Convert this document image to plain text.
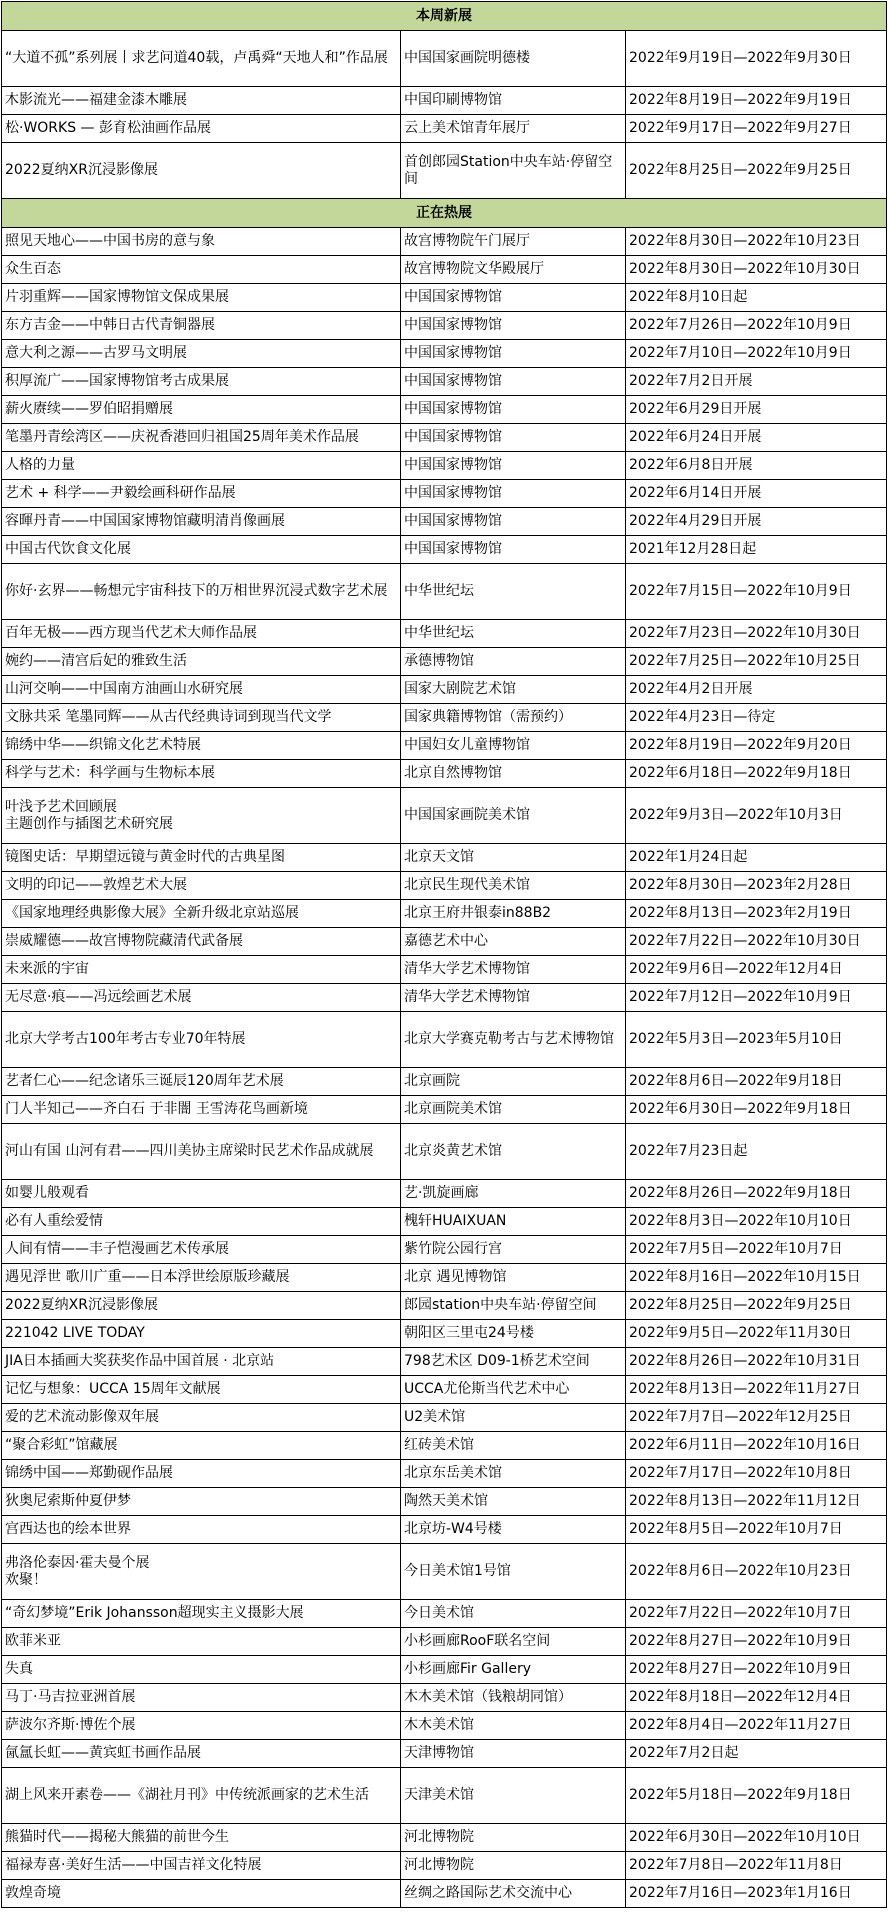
本周新展		
“大道不孤”系列展丨求艺问道40载，卢禹舜“天地人和”作品展	中国国家画院明德楼	2022年9月19日—2022年9月30日
木影流光——福建金漆木雕展	中国印刷博物馆	2022年8月19日—2022年9月19日
松·WORKS — 彭育松油画作品展	云上美术馆青年展厅	2022年9月17日—2022年9月27日
2022夏纳XR沉浸影像展	首创郎园Station中央车站·停留空间	2022年8月25日—2022年9月25日
正在热展		
照见天地心——中国书房的意与象	故宫博物院午门展厅	2022年8月30日—2022年10月23日
众生百态	故宫博物院文华殿展厅	2022年8月30日—2022年10月30日
片羽重辉——国家博物馆文保成果展	中国国家博物馆	2022年8月10日起
东方吉金——中韩日古代青铜器展	中国国家博物馆	2022年7月26日—2022年10月9日
意大利之源——古罗马文明展	中国国家博物馆	2022年7月10日—2022年10月9日
积厚流广——国家博物馆考古成果展	中国国家博物馆	2022年7月2日开展
薪火赓续——罗伯昭捐赠展	中国国家博物馆	2022年6月29日开展
笔墨丹青绘湾区——庆祝香港回归祖国25周年美术作品展	中国国家博物馆	2022年6月24日开展
人格的力量	中国国家博物馆	2022年6月8日开展
艺术 + 科学——尹毅绘画科研作品展	中国国家博物馆	2022年6月14日开展
容暉丹青——中国国家博物馆藏明清肖像画展	中国国家博物馆	2022年4月29日开展
中国古代饮食文化展	中国国家博物馆	2021年12月28日起
你好·玄界——畅想元宇宙科技下的万相世界沉浸式数字艺术展	中华世纪坛	2022年7月15日—2022年10月9日
百年无极——西方现当代艺术大师作品展	中华世纪坛	2022年7月23日—2022年10月30日
婉约——清宫后妃的雅致生活	承德博物馆	2022年7月25日—2022年10月25日
山河交响——中国南方油画山水研究展	国家大剧院艺术馆	2022年4月2日开展
文脉共采 笔墨同辉——从古代经典诗词到现当代文学	国家典籍博物馆（需预约）	2022年4月23日—待定
锦绣中华——织锦文化艺术特展	中国妇女儿童博物馆	2022年8月19日—2022年9月20日
科学与艺术：科学画与生物标本展	北京自然博物馆	2022年6月18日—2022年9月18日
叶浅予艺术回顾展
主题创作与插图艺术研究展	中国国家画院美术馆	2022年9月3日—2022年10月3日
镜图史话：早期望远镜与黄金时代的古典星图	北京天文馆	2022年1月24日起
文明的印记——敦煌艺术大展	北京民生现代美术馆	2022年8月30日—2023年2月28日
《国家地理经典影像大展》全新升级北京站巡展	北京王府井银泰in88B2	2022年8月13日—2023年2月19日
崇威耀德——故宫博物院藏清代武备展	嘉德艺术中心	2022年7月22日—2022年10月30日
未来派的宇宙	清华大学艺术博物馆	2022年9月6日—2022年12月4日
无尽意·痕——冯远绘画艺术展	清华大学艺术博物馆	2022年7月12日—2022年10月9日
北京大学考古100年考古专业70年特展	北京大学赛克勒考古与艺术博物馆	2022年5月3日—2023年5月10日
艺者仁心——纪念诸乐三诞辰120周年艺术展	北京画院	2022年8月6日—2022年9月18日
门人半知己——齐白石 于非闇 王雪涛花鸟画新境	北京画院美术馆	2022年6月30日—2022年9月18日
河山有国 山河有君——四川美协主席梁时民艺术作品成就展	北京炎黄艺术馆	2022年7月23日起
如婴儿般观看	艺·凯旋画廊	2022年8月26日—2022年9月18日
必有人重绘爱情	槐轩HUAIXUAN	2022年8月3日—2022年10月10日
人间有情——丰子恺漫画艺术传承展	紫竹院公园行宫	2022年7月5日—2022年10月7日
遇见浮世 歌川广重——日本浮世绘原版珍藏展	北京 遇见博物馆	2022年8月16日—2022年10月15日
2022夏纳XR沉浸影像展	郎园station中央车站·停留空间	2022年8月25日—2022年9月25日
221042 LIVE TODAY	朝阳区三里屯24号楼	2022年9月5日—2022年11月30日
JIA日本插画大奖获奖作品中国首展 · 北京站	798艺术区 D09-1桥艺术空间	2022年8月26日—2022年10月31日
记忆与想象：UCCA 15周年文献展	UCCA尤伦斯当代艺术中心	2022年8月13日—2022年11月27日
爱的艺术流动影像双年展	U2美术馆	2022年7月7日—2022年12月25日
“聚合彩虹”馆藏展	红砖美术馆	2022年6月11日—2022年10月16日
锦绣中国——郑勤砚作品展	北京东岳美术馆	2022年7月17日—2022年10月8日
狄奥尼索斯仲夏伊梦	陶然天美术馆	2022年8月13日—2022年11月12日
宫西达也的绘本世界	北京坊-W4号楼	2022年8月5日—2022年10月7日
弗洛伦泰因·霍夫曼个展
欢聚！	今日美术馆1号馆	2022年8月6日—2022年10月23日
“奇幻梦境”Erik Johansson超现实主义摄影大展	今日美术馆	2022年7月22日—2022年10月7日
欧菲米亚	小杉画廊RooF联名空间	2022年8月27日—2022年10月9日
失真	小杉画廊Fir Gallery	2022年8月27日—2022年10月9日
马丁·马吉拉亚洲首展	木木美术馆（钱粮胡同馆）	2022年8月18日—2022年12月4日
萨波尔齐斯·博佐个展	木木美术馆	2022年8月4日—2022年11月27日
氤氲长虹——黄宾虹书画作品展	天津博物馆	2022年7月2日起
湖上风来开素卷——《湖社月刊》中传统派画家的艺术生活	天津美术馆	2022年5月18日—2022年9月18日
熊猫时代——揭秘大熊猫的前世今生	河北博物院	2022年6月30日—2022年10月10日
福禄寿喜·美好生活——中国吉祥文化特展	河北博物院	2022年7月8日—2022年11月8日
敦煌奇境	丝绸之路国际艺术交流中心	2022年7月16日—2023年1月16日
